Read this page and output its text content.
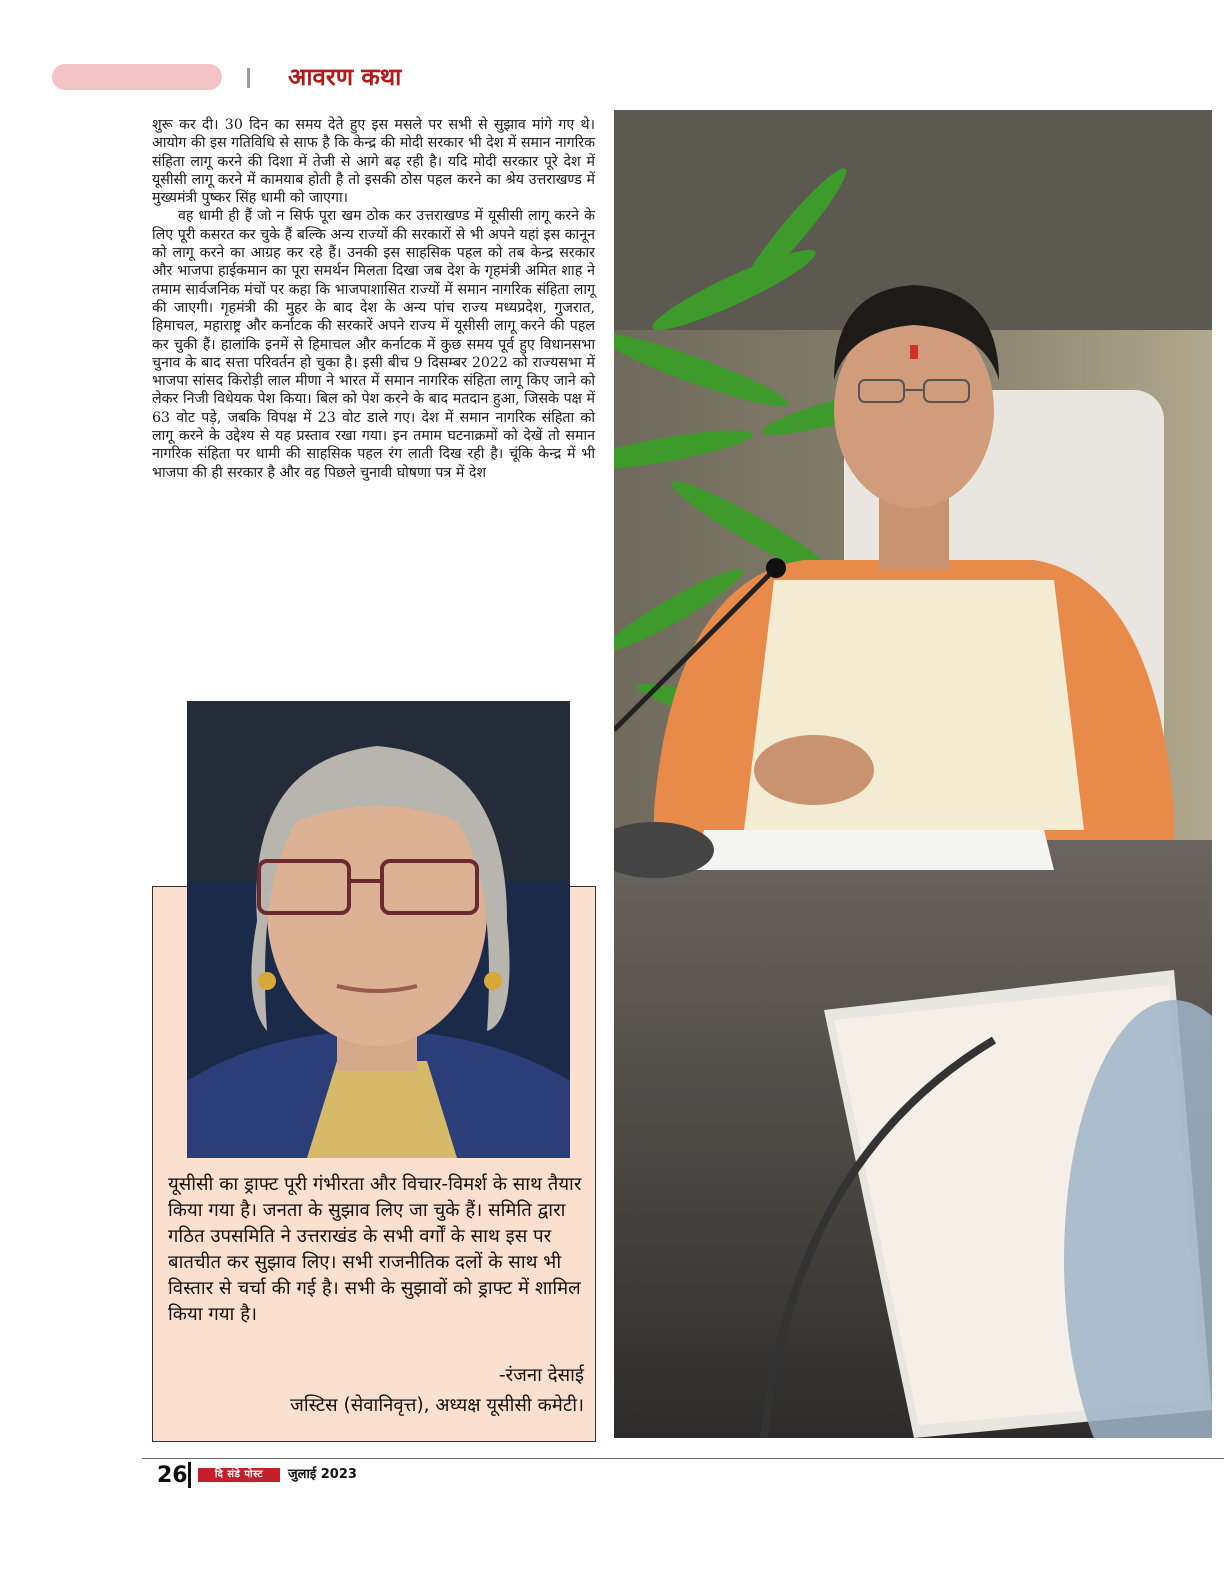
आवरण कथा

शुरू कर दी। 30 दिन का समय देते हुए इस मसले पर सभी से सुझाव मांगे गए थे। आयोग की इस गतिविधि से साफ है कि केन्द्र की मोदी सरकार भी देश में समान नागरिक संहिता लागू करने की दिशा में तेजी से आगे बढ़ रही है। यदि मोदी सरकार पूरे देश में यूसीसी लागू करने में कामयाब होती है तो इसकी ठोस पहल करने का श्रेय उत्तराखण्ड में मुख्यमंत्री पुष्कर सिंह धामी को जाएगा।

वह धामी ही हैं जो न सिर्फ पूरा खम ठोक कर उत्तराखण्ड में यूसीसी लागू करने के लिए पूरी कसरत कर चुके हैं बल्कि अन्य राज्यों की सरकारों से भी अपने यहां इस कानून को लागू करने का आग्रह कर रहे हैं। उनकी इस साहसिक पहल को तब केन्द्र सरकार और भाजपा हाईकमान का पूरा समर्थन मिलता दिखा जब देश के गृहमंत्री अमित शाह ने तमाम सार्वजनिक मंचों पर कहा कि भाजपाशासित राज्यों में समान नागरिक संहिता लागू की जाएगी। गृहमंत्री की मुहर के बाद देश के अन्य पांच राज्य मध्यप्रदेश, गुजरात, हिमाचल, महाराष्ट्र और कर्नाटक की सरकारें अपने राज्य में यूसीसी लागू करने की पहल कर चुकी हैं। हालांकि इनमें से हिमाचल और कर्नाटक में कुछ समय पूर्व हुए विधानसभा चुनाव के बाद सत्ता परिवर्तन हो चुका है। इसी बीच 9 दिसम्बर 2022 को राज्यसभा में भाजपा सांसद किरोड़ी लाल मीणा ने भारत में समान नागरिक संहिता लागू किए जाने को लेकर निजी विधेयक पेश किया। बिल को पेश करने के बाद मतदान हुआ, जिसके पक्ष में 63 वोट पड़े, जबकि विपक्ष में 23 वोट डाले गए। देश में समान नागरिक संहिता को लागू करने के उद्देश्य से यह प्रस्ताव रखा गया। इन तमाम घटनाक्रमों को देखें तो समान नागरिक संहिता पर धामी की साहसिक पहल रंग लाती दिख रही है। चूंकि केन्द्र में भी भाजपा की ही सरकार है और वह पिछले चुनावी घोषणा पत्र में देश

यूसीसी का ड्राफ्ट पूरी गंभीरता और विचार-विमर्श के साथ तैयार किया गया है। जनता के सुझाव लिए जा चुके हैं। समिति द्वारा गठित उपसमिति ने उत्तराखंड के सभी वर्गों के साथ इस पर बातचीत कर सुझाव लिए। सभी राजनीतिक दलों के साथ भी विस्तार से चर्चा की गई है। सभी के सुझावों को ड्राफ्ट में शामिल किया गया है।
-रंजना देसाई
जस्टिस (सेवानिवृत्त), अध्यक्ष यूसीसी कमेटी।
26	दि संडे पोस्ट	जुलाई 2023
